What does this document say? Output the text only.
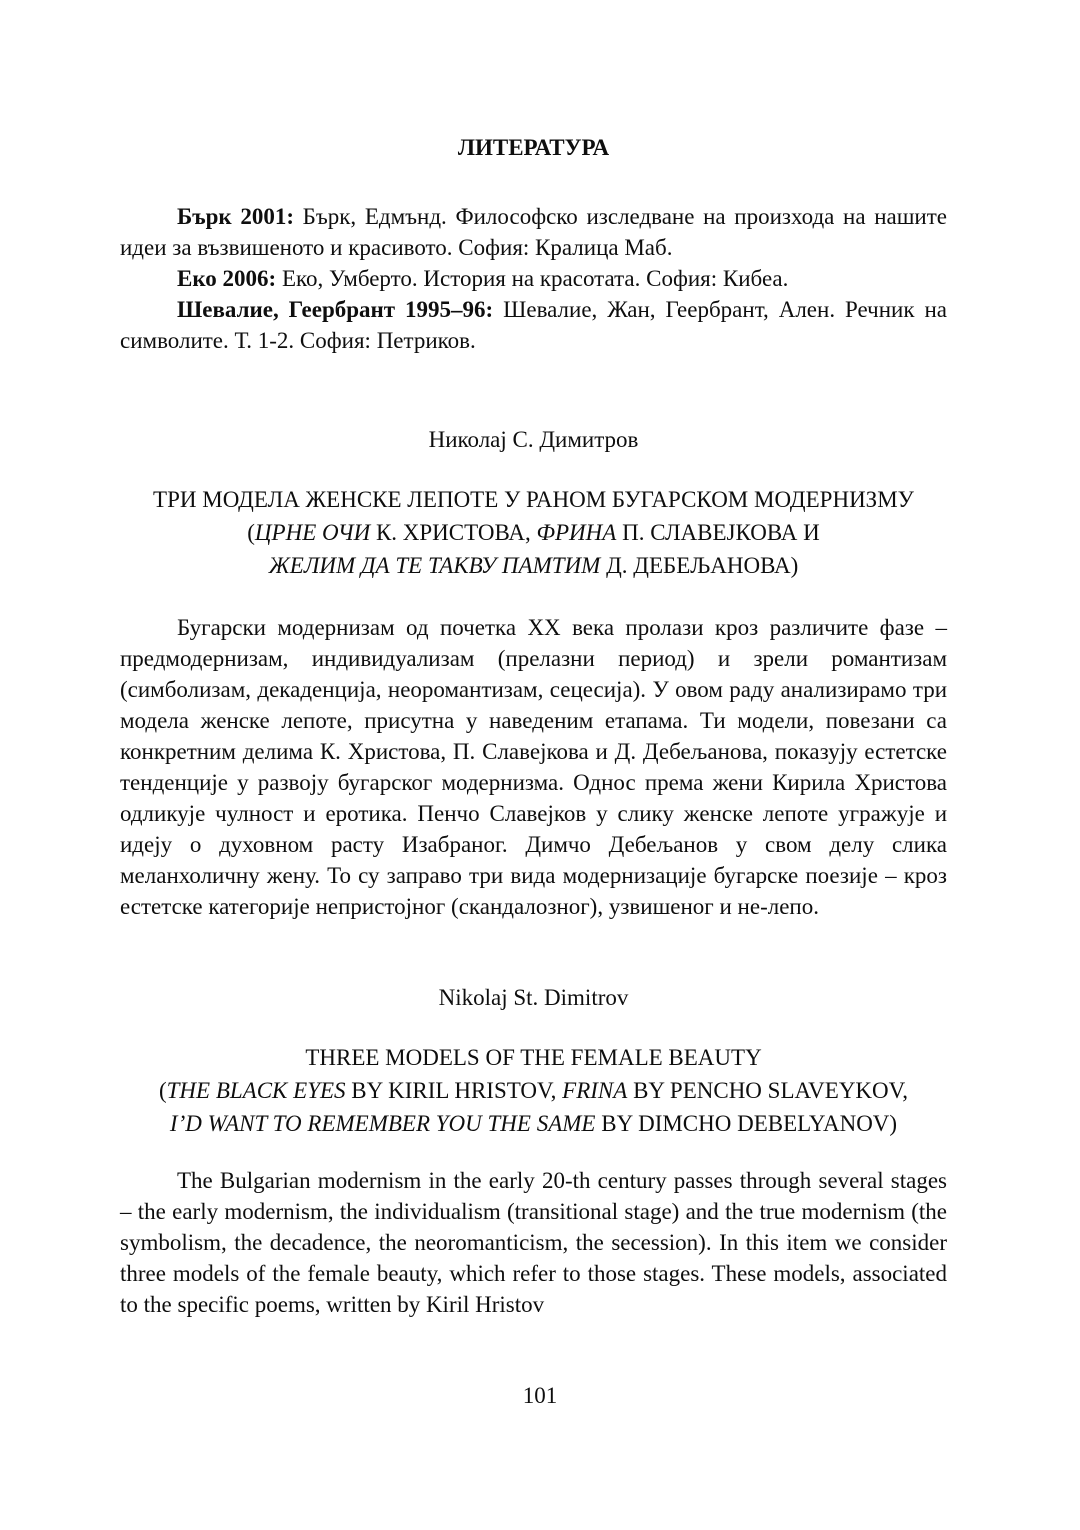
ЛИТЕРАТУРА

Бърк 2001: Бърк, Едмънд. Философско изследване на произхода на нашите идеи за възвишеното и красивото. София: Кралица Маб.

Еко 2006: Еко, Умберто. История на красотата. София: Кибеа.

Шевалие, Геербрант 1995–96: Шевалие, Жан, Геербрант, Ален. Речник на символите. Т. 1-2. София: Петриков.

Николај С. Димитров

ТРИ МОДЕЛА ЖЕНСКЕ ЛЕПОТЕ У РАНОМ БУГАРСКОМ МОДЕРНИЗМУ
(ЦРНЕ ОЧИ К. ХРИСТОВА, ФРИНА П. СЛАВЕЈКОВА И
ЖЕЛИМ ДА ТЕ ТАКВУ ПАМТИМ Д. ДЕБЕЉАНОВА)

Бугарски модернизам од почетка ХХ века пролази кроз различите фазе – предмодернизам, индивидуализам (прелазни период) и зрели романтизам (симболизам, декаденција, неоромантизам, сецесија). У овом раду анализирамо три модела женске лепоте, присутна у наведеним етапама. Ти модели, повезани са конкретним делима К. Христова, П. Славејкова и Д. Дебељанова, показују естетске тенденције у развоју бугарског модернизма. Однос према жени Кирила Христова одликује чулност и еротика. Пенчо Славејков у слику женске лепоте угражује и идеју о духовном расту Изабраног. Димчо Дебељанов у свом делу слика меланхоличну жену. То су заправо три вида модернизације бугарске поезије – кроз естетске категорије непристојног (скандалозног), узвишеног и не-лепо.

Nikolaj St. Dimitrov

THREE MODELS OF THE FEMALE BEAUTY
(THE BLACK EYES BY KIRIL HRISTOV, FRINA BY PENCHO SLAVEYKOV,
I’D WANT TO REMEMBER YOU THE SAME BY DIMCHO DEBELYANOV)

The Bulgarian modernism in the early 20-th century passes through several stages – the early modernism, the individualism (transitional stage) and the true modernism (the symbolism, the decadence, the neoromanticism, the secession). In this item we consider three models of the female beauty, which refer to those stages. These models, associated to the specific poems, written by Kiril Hristov

101
